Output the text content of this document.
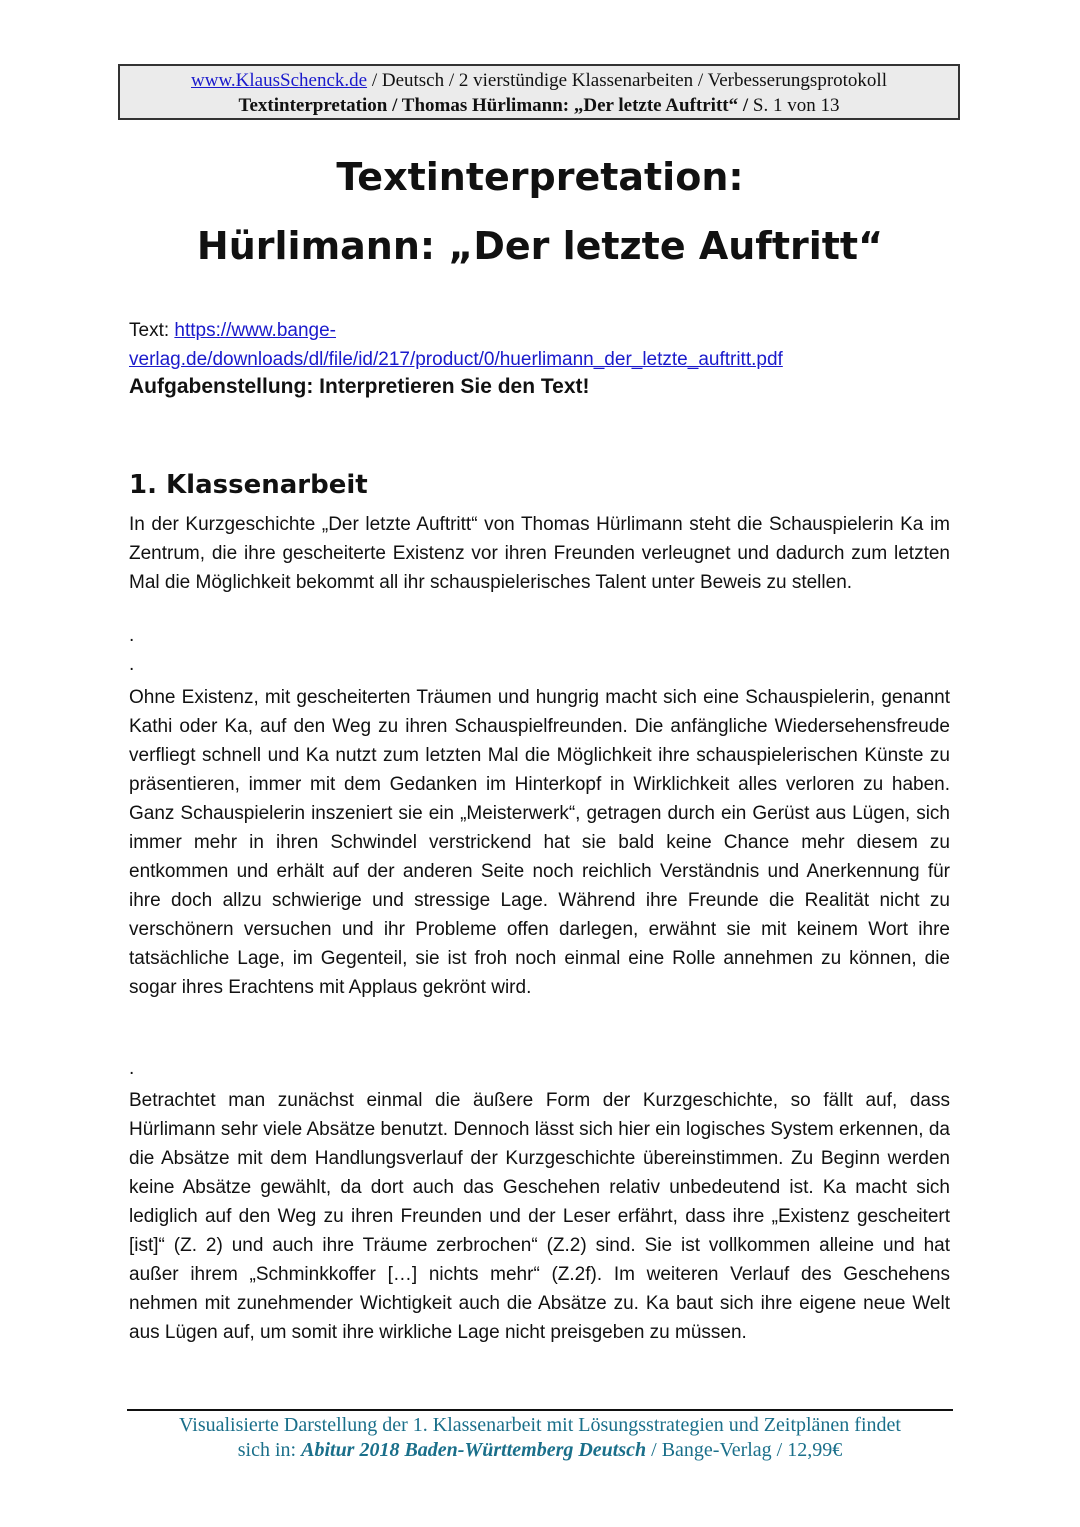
www.KlausSchenck.de / Deutsch / 2 vierstündige Klassenarbeiten / Verbesserungsprotokoll
Textinterpretation / Thomas Hürlimann: „Der letzte Auftritt“ / S. 1 von 13
Textinterpretation:
Hürlimann: „Der letzte Auftritt“
Text: https://www.bange-
verlag.de/downloads/dl/file/id/217/product/0/huerlimann_der_letzte_auftritt.pdf
Aufgabenstellung: Interpretieren Sie den Text!
1. Klassenarbeit

In der Kurzgeschichte „Der letzte Auftritt“ von Thomas Hürlimann steht die Schauspielerin Ka im Zentrum, die ihre gescheiterte Existenz vor ihren Freunden verleugnet und dadurch zum letzten Mal die Möglichkeit bekommt all ihr schauspielerisches Talent unter Beweis zu stellen.

.
.

Ohne Existenz, mit gescheiterten Träumen und hungrig macht sich eine Schauspielerin, genannt Kathi oder Ka, auf den Weg zu ihren Schauspielfreunden. Die anfängliche Wiedersehensfreude verfliegt schnell und Ka nutzt zum letzten Mal die Möglichkeit ihre schauspielerischen Künste zu präsentieren, immer mit dem Gedanken im Hinterkopf in Wirklichkeit alles verloren zu haben. Ganz Schauspielerin inszeniert sie ein „Meisterwerk“, getragen durch ein Gerüst aus Lügen, sich immer mehr in ihren Schwindel verstrickend hat sie bald keine Chance mehr diesem zu entkommen und erhält auf der anderen Seite noch reichlich Verständnis und Anerkennung für ihre doch allzu schwierige und stressige Lage. Während ihre Freunde die Realität nicht zu verschönern versuchen und ihr Probleme offen darlegen, erwähnt sie mit keinem Wort ihre tatsächliche Lage, im Gegenteil, sie ist froh noch einmal eine Rolle annehmen zu können, die sogar ihres Erachtens mit Applaus gekrönt wird.

.

Betrachtet man zunächst einmal die äußere Form der Kurzgeschichte, so fällt auf, dass Hürlimann sehr viele Absätze benutzt. Dennoch lässt sich hier ein logisches System erkennen, da die Absätze mit dem Handlungsverlauf der Kurzgeschichte übereinstimmen. Zu Beginn werden keine Absätze gewählt, da dort auch das Geschehen relativ unbedeutend ist. Ka macht sich lediglich auf den Weg zu ihren Freunden und der Leser erfährt, dass ihre „Existenz gescheitert [ist]“ (Z. 2) und auch ihre Träume zerbrochen“ (Z.2) sind. Sie ist vollkommen alleine und hat außer ihrem „Schminkkoffer […] nichts mehr“ (Z.2f). Im weiteren Verlauf des Geschehens nehmen mit zunehmender Wichtigkeit auch die Absätze zu. Ka baut sich ihre eigene neue Welt aus Lügen auf, um somit ihre wirkliche Lage nicht preisgeben zu müssen.

Visualisierte Darstellung der 1. Klassenarbeit mit Lösungsstrategien und Zeitplänen findet
sich in: Abitur 2018 Baden-Württemberg Deutsch / Bange-Verlag / 12,99€
